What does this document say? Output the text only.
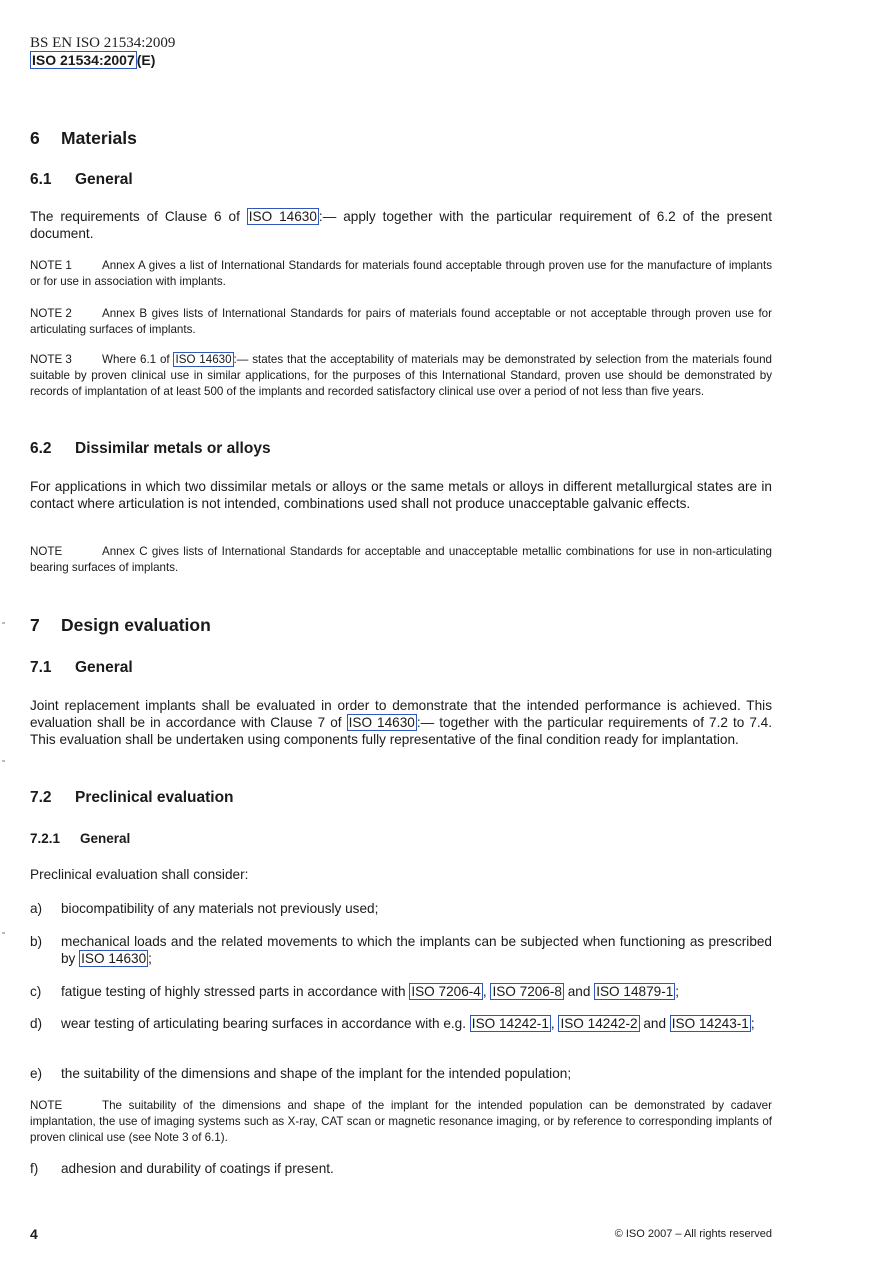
BS EN ISO 21534:2009
ISO 21534:2007 (E)
6 Materials
6.1 General
The requirements of Clause 6 of ISO 14630 :— apply together with the particular requirement of 6.2 of the present document.
NOTE 1	Annex A gives a list of International Standards for materials found acceptable through proven use for the manufacture of implants or for use in association with implants.
NOTE 2	Annex B gives lists of International Standards for pairs of materials found acceptable or not acceptable through proven use for articulating surfaces of implants.
NOTE 3	Where 6.1 of ISO 14630 :— states that the acceptability of materials may be demonstrated by selection from the materials found suitable by proven clinical use in similar applications, for the purposes of this International Standard, proven use should be demonstrated by records of implantation of at least 500 of the implants and recorded satisfactory clinical use over a period of not less than five years.
6.2 Dissimilar metals or alloys
For applications in which two dissimilar metals or alloys or the same metals or alloys in different metallurgical states are in contact where articulation is not intended, combinations used shall not produce unacceptable galvanic effects.
NOTE	Annex C gives lists of International Standards for acceptable and unacceptable metallic combinations for use in non-articulating bearing surfaces of implants.
7 Design evaluation
7.1 General
Joint replacement implants shall be evaluated in order to demonstrate that the intended performance is achieved. This evaluation shall be in accordance with Clause 7 of ISO 14630 :— together with the particular requirements of 7.2 to 7.4. This evaluation shall be undertaken using components fully representative of the final condition ready for implantation.
7.2 Preclinical evaluation
7.2.1 General
Preclinical evaluation shall consider:
a) biocompatibility of any materials not previously used;
b) mechanical loads and the related movements to which the implants can be subjected when functioning as prescribed by ISO 14630 ;
c) fatigue testing of highly stressed parts in accordance with ISO 7206-4 , ISO 7206-8 and ISO 14879-1 ;
d) wear testing of articulating bearing surfaces in accordance with e.g. ISO 14242-1 , ISO 14242-2 and ISO 14243-1 ;
e) the suitability of the dimensions and shape of the implant for the intended population;
NOTE	The suitability of the dimensions and shape of the implant for the intended population can be demonstrated by cadaver implantation, the use of imaging systems such as X-ray, CAT scan or magnetic resonance imaging, or by reference to corresponding implants of proven clinical use (see Note 3 of 6.1).
f) adhesion and durability of coatings if present.
4	© ISO 2007 – All rights reserved
